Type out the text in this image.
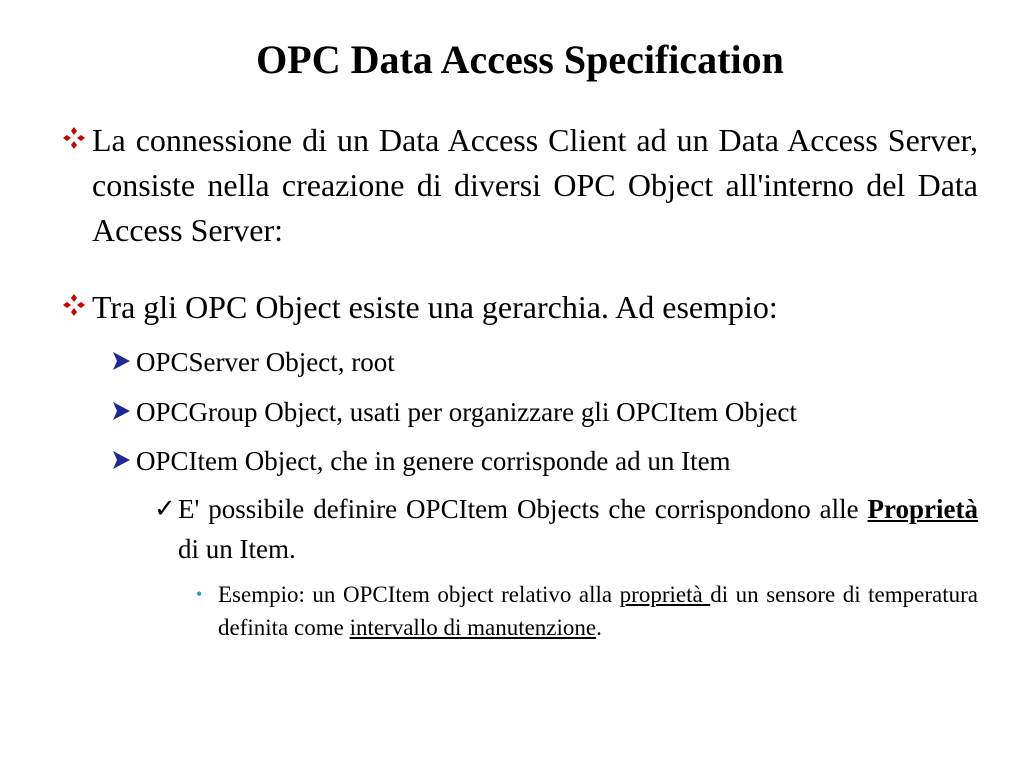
OPC Data Access Specification
La connessione di un Data Access Client ad un Data Access Server, consiste nella creazione di diversi OPC Object all'interno del Data Access Server:
Tra gli OPC Object esiste una gerarchia. Ad esempio:
OPCServer Object, root
OPCGroup Object, usati per organizzare gli OPCItem Object
OPCItem Object, che in genere corrisponde ad un Item
✓ E' possibile definire OPCItem Objects che corrispondono alle Proprietà di un Item.
• Esempio: un OPCItem object relativo alla proprietà di un sensore di temperatura definita come intervallo di manutenzione.
